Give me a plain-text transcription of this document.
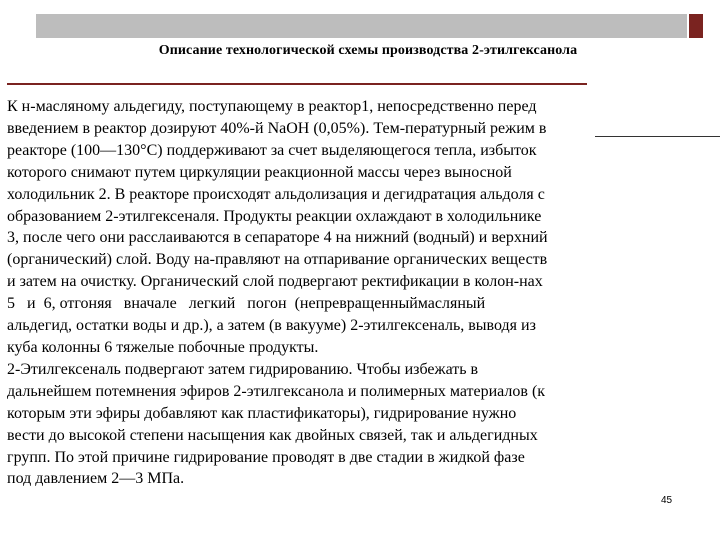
Описание технологической схемы производства 2-этилгексанола
К н-масляному альдегиду, поступающему в реактор1, непосредственно перед
введением в реактор дозируют 40%-й NaOH (0,05%). Тем-пературный режим в
реакторе (100—130°С) поддерживают за счет выделяющегося тепла, избыток
которого снимают путем циркуляции реакционной массы через выносной
холодильник 2. В реакторе происходят альдолизация и дегидратация альдоля с
образованием 2-этилгексеналя. Продукты реакции охлаждают в холодильнике
3, после чего они расслаиваются в сепараторе 4 на нижний (водный) и верхний
(органический) слой. Воду на-правляют на отпаривание органических веществ
и затем на очистку. Органический слой подвергают ректификации в колон-нах
5   и  6, отгоняя   вначале   легкий   погон  (непревращенныймасляный
альдегид, остатки воды и др.), а затем (в вакууме) 2-этилгексеналь, выводя из
куба колонны 6 тяжелые побочные продукты.
2-Этилгексеналь подвергают затем гидрированию. Чтобы избежать в
дальнейшем потемнения эфиров 2-этилгексанола и полимерных материалов (к
которым эти эфиры добавляют как пластификаторы), гидрирование нужно
вести до высокой степени насыщения как двойных связей, так и альдегидных
групп. По этой причине гидрирование проводят в две стадии в жидкой фазе
под давлением 2—3 МПа.
45
